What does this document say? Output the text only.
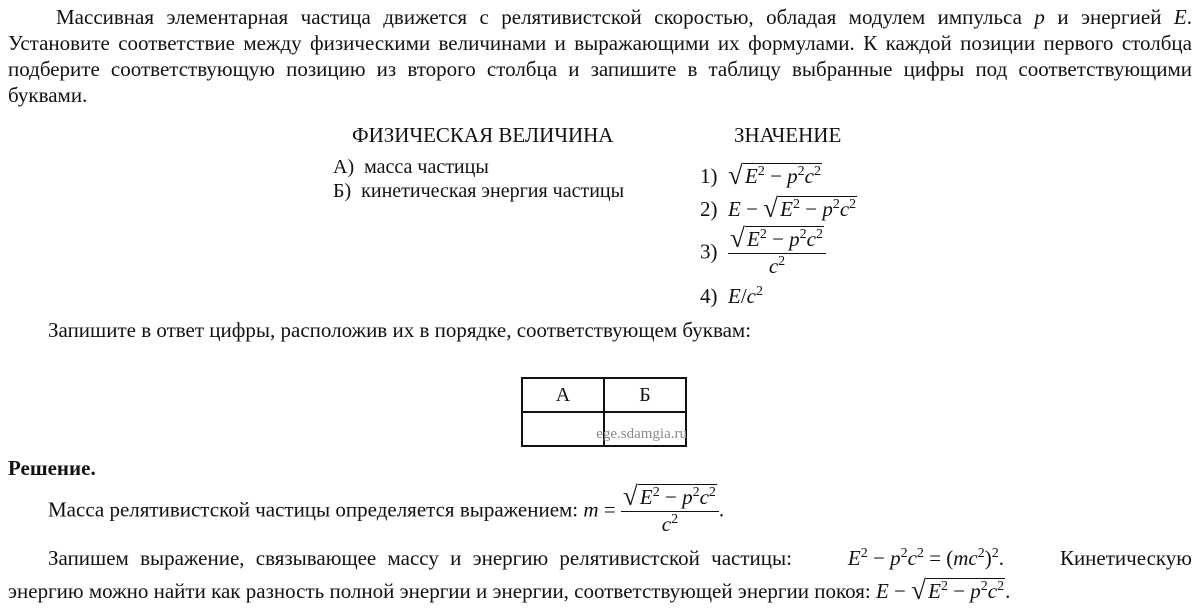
Массивная элементарная частица движется с релятивистской скоростью, обладая модулем импульса p и энергией E. Установите соответствие между физическими величинами и выражающими их формулами. К каждой позиции первого столбца подберите соответствующую позицию из второго столбца и запишите в таблицу выбранные цифры под соответствующими буквами.
ФИЗИЧЕСКАЯ ВЕЛИЧИНА	ЗНАЧЕНИЕ
А) масса частицы
Б) кинетическая энергия частицы
1) √ $E^2 - p^2c^2$
2) E − √ $E^2 - p^2c^2$
$3) \frac{√ E^2 - p^2c^2}{c^2}$
4) $E/c^2$
Запишите в ответ цифры, расположив их в порядке, соответствующем буквам:
А	Б

	ege.sdamgia.ru
Решение.
Масса релятивистской частицы определяется выражением: $m = \frac{√ E^2 - p^2c^2}{c^2}$ .
Запишем выражение, связывающее массу и энергию релятивистской частицы:	$E^2 - p^2c^2 = (mc^2)^2$.	Кинетическую
энергию можно найти как разность полной энергии и энергии, соответствующей энергии покоя: E − √ $E^2 - p^2c^2$.
